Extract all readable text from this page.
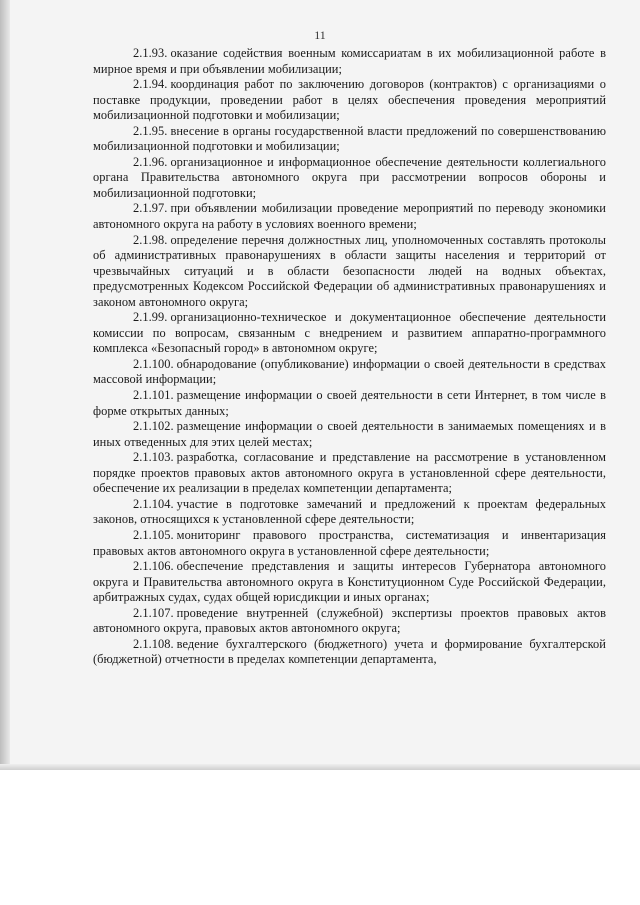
11

2.1.93. оказание содействия военным комиссариатам в их мобилизационной работе в мирное время и при объявлении мобилизации;

2.1.94. координация работ по заключению договоров (контрактов) с организациями о поставке продукции, проведении работ в целях обеспечения проведения мероприятий мобилизационной подготовки и мобилизации;

2.1.95. внесение в органы государственной власти предложений по совершенствованию мобилизационной подготовки и мобилизации;

2.1.96. организационное и информационное обеспечение деятельности коллегиального органа Правительства автономного округа при рассмотрении вопросов обороны и мобилизационной подготовки;

2.1.97. при объявлении мобилизации проведение мероприятий по переводу экономики автономного округа на работу в условиях военного времени;

2.1.98. определение перечня должностных лиц, уполномоченных составлять протоколы об административных правонарушениях в области защиты населения и территорий от чрезвычайных ситуаций и в области безопасности людей на водных объектах, предусмотренных Кодексом Российской Федерации об административных правонарушениях и законом автономного округа;

2.1.99. организационно-техническое и документационное обеспечение деятельности комиссии по вопросам, связанным с внедрением и развитием аппаратно-программного комплекса «Безопасный город» в автономном округе;

2.1.100. обнародование (опубликование) информации о своей деятельности в средствах массовой информации;

2.1.101. размещение информации о своей деятельности в сети Интернет, в том числе в форме открытых данных;

2.1.102. размещение информации о своей деятельности в занимаемых помещениях и в иных отведенных для этих целей местах;

2.1.103. разработка, согласование и представление на рассмотрение в установленном порядке проектов правовых актов автономного округа в установленной сфере деятельности, обеспечение их реализации в пределах компетенции департамента;

2.1.104. участие в подготовке замечаний и предложений к проектам федеральных законов, относящихся к установленной сфере деятельности;

2.1.105. мониторинг правового пространства, систематизация и инвентаризация правовых актов автономного округа в установленной сфере деятельности;

2.1.106. обеспечение представления и защиты интересов Губернатора автономного округа и Правительства автономного округа в Конституционном Суде Российской Федерации, арбитражных судах, судах общей юрисдикции и иных органах;

2.1.107. проведение внутренней (служебной) экспертизы проектов правовых актов автономного округа, правовых актов автономного округа;

2.1.108. ведение бухгалтерского (бюджетного) учета и формирование бухгалтерской (бюджетной) отчетности в пределах компетенции департамента,
